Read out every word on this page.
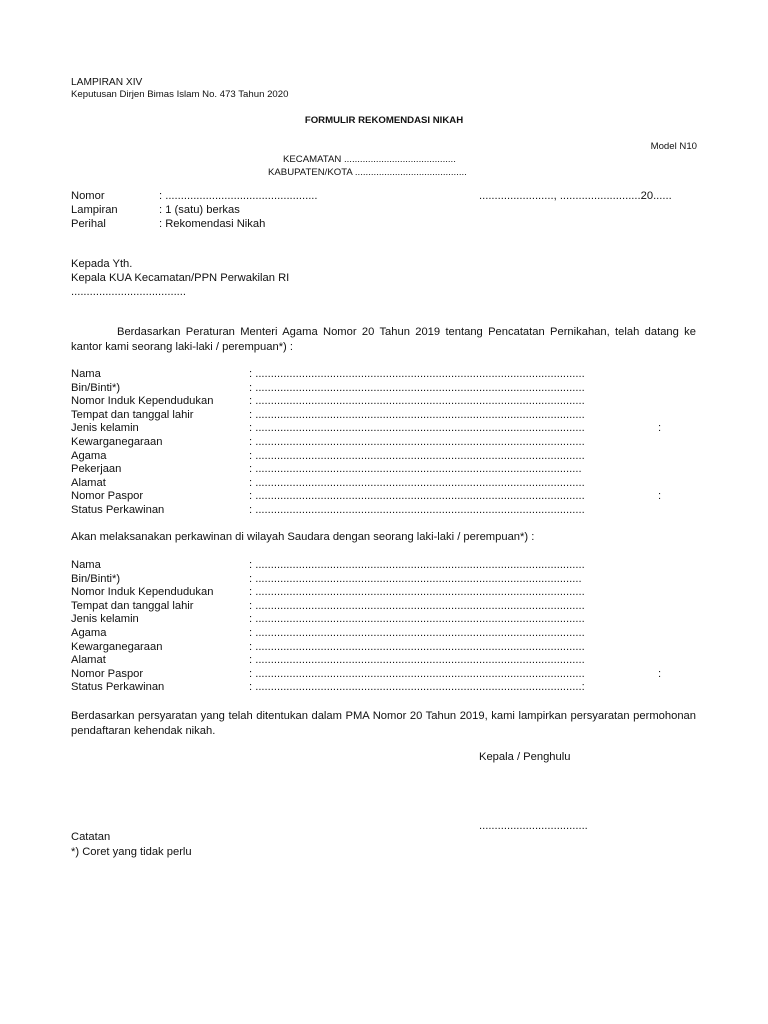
LAMPIRAN XIV
Keputusan Dirjen Bimas Islam No. 473 Tahun 2020
FORMULIR REKOMENDASI NIKAH
Model N10
KECAMATAN ..........................................
KABUPATEN/KOTA ..........................................
Nomor	: .................................................	........................, ..........................20......
Lampiran	: 1 (satu) berkas
Perihal	: Rekomendasi Nikah
Kepada Yth.
Kepala KUA Kecamatan/PPN Perwakilan RI
.....................................
Berdasarkan Peraturan Menteri Agama Nomor 20 Tahun 2019 tentang Pencatatan Pernikahan, telah datang ke kantor kami seorang laki-laki / perempuan*) :
Nama	: ..........................................................................................................
Bin/Binti*)	: ..........................................................................................................
Nomor Induk Kependudukan	: ..........................................................................................................
Tempat dan tanggal lahir	: ..........................................................................................................
Jenis kelamin	: ..........................................................................................................	:
Kewarganegaraan	: ..........................................................................................................
Agama	: ..........................................................................................................
Pekerjaan	: .........................................................................................................
Alamat	: ..........................................................................................................
Nomor Paspor	: ..........................................................................................................	:
Status Perkawinan	: ..........................................................................................................
Akan melaksanakan perkawinan di wilayah Saudara dengan seorang laki-laki / perempuan*) :
Nama	: ..........................................................................................................
Bin/Binti*)	: .........................................................................................................
Nomor Induk Kependudukan	: ..........................................................................................................
Tempat dan tanggal lahir	: ..........................................................................................................
Jenis kelamin	: ..........................................................................................................
Agama	: ..........................................................................................................
Kewarganegaraan	: ..........................................................................................................
Alamat	: ..........................................................................................................
Nomor Paspor	: ..........................................................................................................	:
Status Perkawinan	: .........................................................................................................:
Berdasarkan persyaratan yang telah ditentukan dalam PMA Nomor 20 Tahun 2019, kami lampirkan persyaratan permohonan pendaftaran kehendak nikah.
Kepala / Penghulu
...................................
Catatan
*) Coret yang tidak perlu
